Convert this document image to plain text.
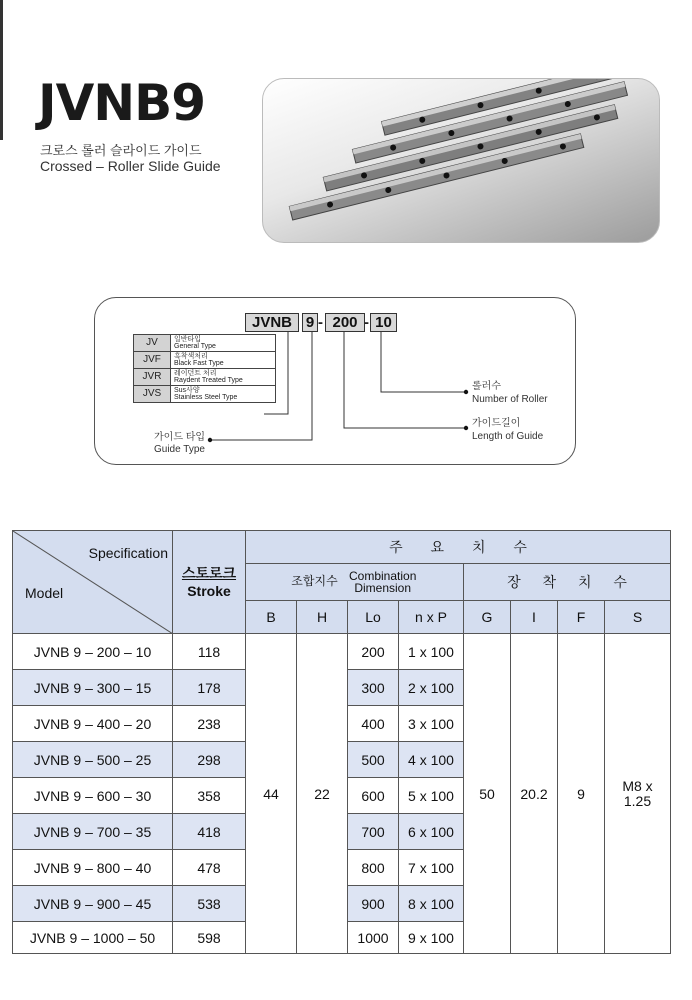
JVNB9
크로스 롤러 슬라이드 가이드
Crossed – Roller Slide Guide
가이드 타입
Guide Type
롤러수
Number of Roller
가이드길이
Length of Guide
JVNB
9 - 200 - 10
JV	일반타입
General Type
JVF	흑착색처리
Black Fast Type
JVR	레이던트 처리
Raydent Treated Type
JVS	Sus사양
Stainless Steel Type
Specification
Model	스토로크
Stroke	주 요 치 수							
		조합지수 Combination Dimension				장 착 치 수			
		B	H	Lo	n x P	G	I	F	S
JVNB 9 – 200 – 10	118	44	22	200	1 x 100	50	20.2	9	M8 x 1.25
JVNB 9 – 300 – 15	178			300	2 x 100				
JVNB 9 – 400 – 20	238			400	3 x 100				
JVNB 9 – 500 – 25	298			500	4 x 100				
JVNB 9 – 600 – 30	358			600	5 x 100				
JVNB 9 – 700 – 35	418			700	6 x 100				
JVNB 9 – 800 – 40	478			800	7 x 100				
JVNB 9 – 900 – 45	538			900	8 x 100				
JVNB 9 – 1000 – 50	598			1000	9 x 100				
